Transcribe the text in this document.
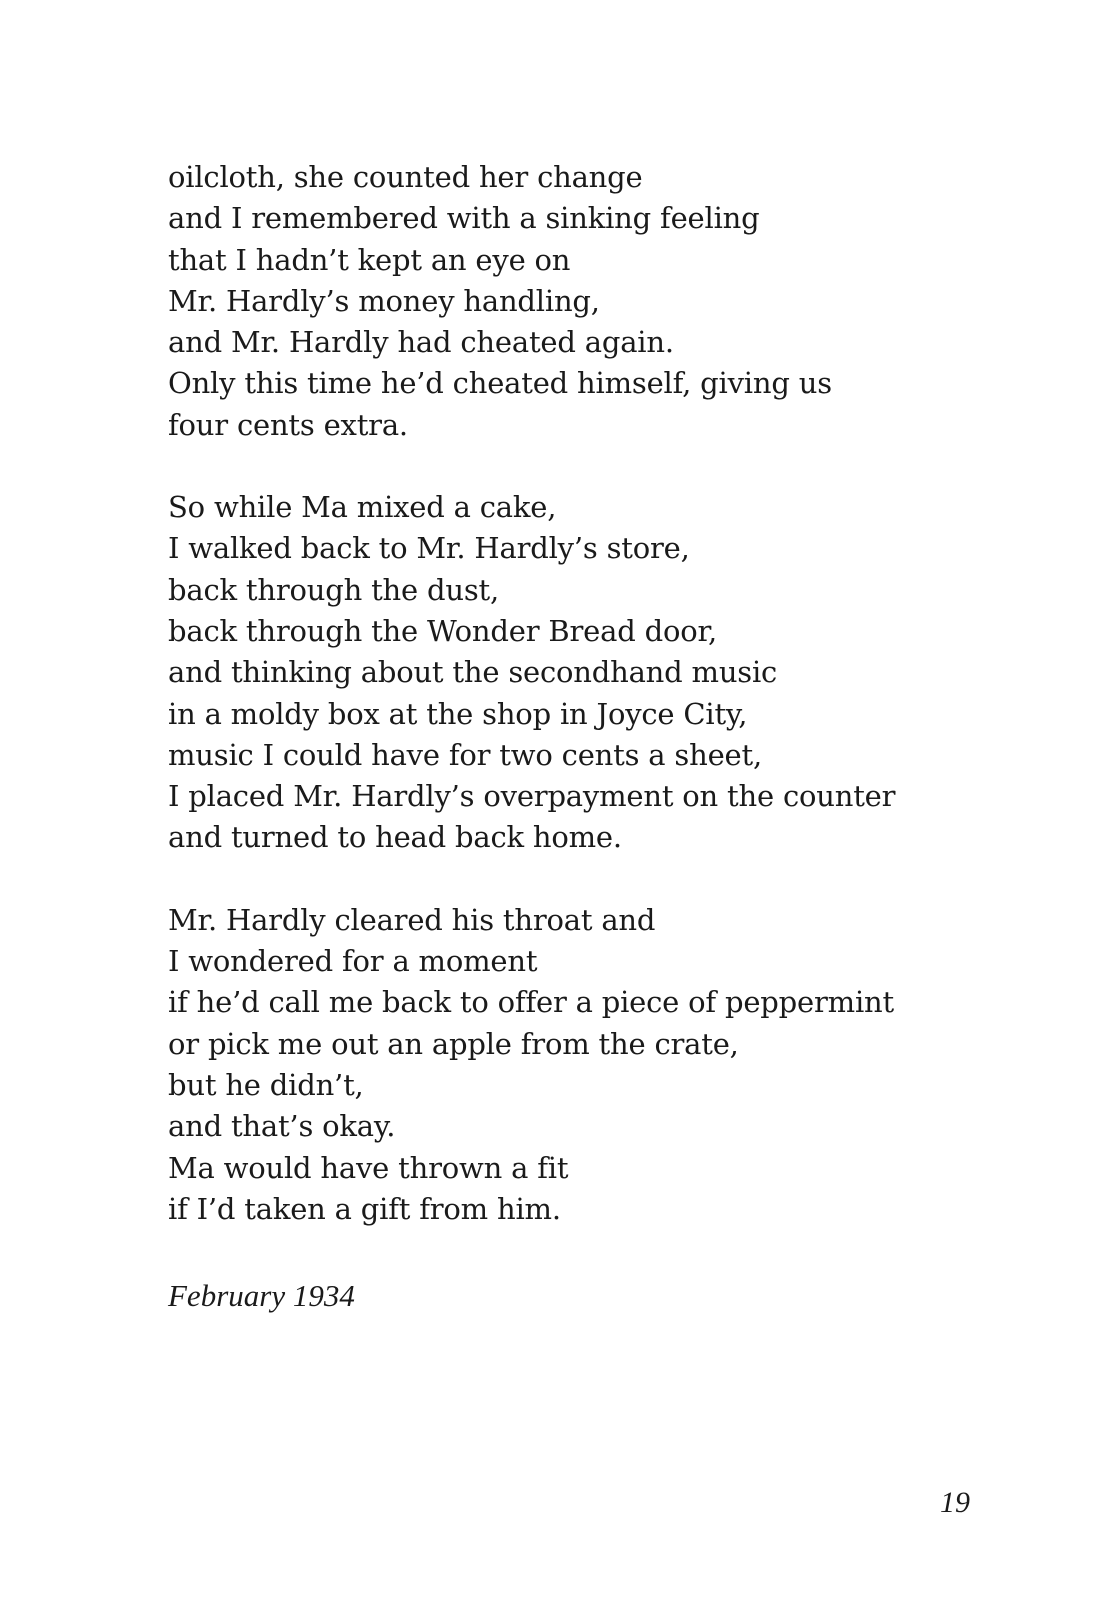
oilcloth, she counted her change
and I remembered with a sinking feeling
that I hadn’t kept an eye on
Mr. Hardly’s money handling,
and Mr. Hardly had cheated again.
Only this time he’d cheated himself, giving us
four cents extra.
So while Ma mixed a cake,
I walked back to Mr. Hardly’s store,
back through the dust,
back through the Wonder Bread door,
and thinking about the secondhand music
in a moldy box at the shop in Joyce City,
music I could have for two cents a sheet,
I placed Mr. Hardly’s overpayment on the counter
and turned to head back home.
Mr. Hardly cleared his throat and
I wondered for a moment
if he’d call me back to offer a piece of peppermint
or pick me out an apple from the crate,
but he didn’t,
and that’s okay.
Ma would have thrown a fit
if I’d taken a gift from him.
February 1934
19
